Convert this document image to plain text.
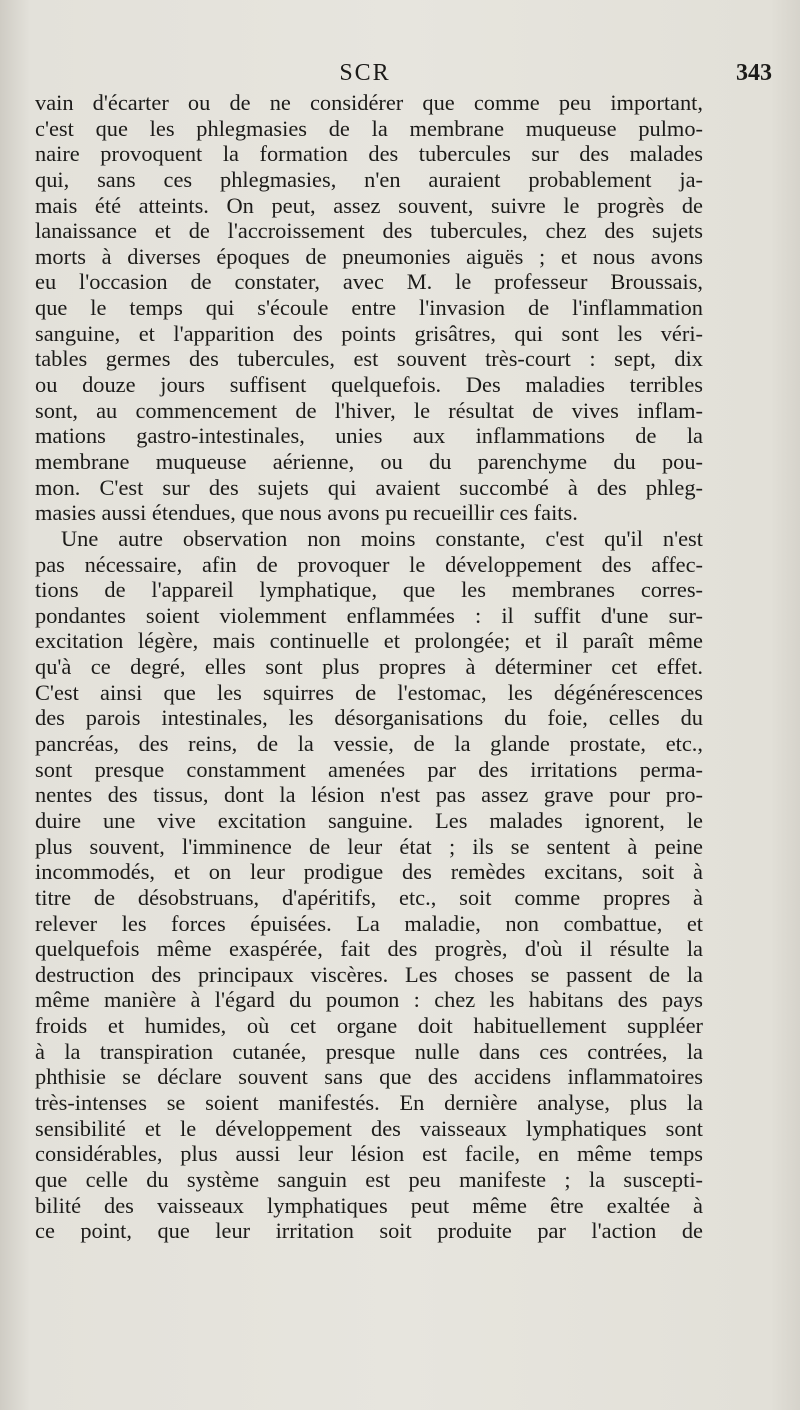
SCR	343
vain d'écarter ou de ne considérer que comme peu important,
c'est que les phlegmasies de la membrane muqueuse pulmo-
naire provoquent la formation des tubercules sur des malades
qui, sans ces phlegmasies, n'en auraient probablement ja-
mais été atteints. On peut, assez souvent, suivre le progrès de
lanaissance et de l'accroissement des tubercules, chez des sujets
morts à diverses époques de pneumonies aiguës ; et nous avons
eu l'occasion de constater, avec M. le professeur Broussais,
que le temps qui s'écoule entre l'invasion de l'inflammation
sanguine, et l'apparition des points grisâtres, qui sont les véri-
tables germes des tubercules, est souvent très-court : sept, dix
ou douze jours suffisent quelquefois. Des maladies terribles
sont, au commencement de l'hiver, le résultat de vives inflam-
mations gastro-intestinales, unies aux inflammations de la
membrane muqueuse aérienne, ou du parenchyme du pou-
mon. C'est sur des sujets qui avaient succombé à des phleg-
masies aussi étendues, que nous avons pu recueillir ces faits.
Une autre observation non moins constante, c'est qu'il n'est
pas nécessaire, afin de provoquer le développement des affec-
tions de l'appareil lymphatique, que les membranes corres-
pondantes soient violemment enflammées : il suffit d'une sur-
excitation légère, mais continuelle et prolongée; et il paraît même
qu'à ce degré, elles sont plus propres à déterminer cet effet.
C'est ainsi que les squirres de l'estomac, les dégénérescences
des parois intestinales, les désorganisations du foie, celles du
pancréas, des reins, de la vessie, de la glande prostate, etc.,
sont presque constamment amenées par des irritations perma-
nentes des tissus, dont la lésion n'est pas assez grave pour pro-
duire une vive excitation sanguine. Les malades ignorent, le
plus souvent, l'imminence de leur état ; ils se sentent à peine
incommodés, et on leur prodigue des remèdes excitans, soit à
titre de désobstruans, d'apéritifs, etc., soit comme propres à
relever les forces épuisées. La maladie, non combattue, et
quelquefois même exaspérée, fait des progrès, d'où il résulte la
destruction des principaux viscères. Les choses se passent de la
même manière à l'égard du poumon : chez les habitans des pays
froids et humides, où cet organe doit habituellement suppléer
à la transpiration cutanée, presque nulle dans ces contrées, la
phthisie se déclare souvent sans que des accidens inflammatoires
très-intenses se soient manifestés. En dernière analyse, plus la
sensibilité et le développement des vaisseaux lymphatiques sont
considérables, plus aussi leur lésion est facile, en même temps
que celle du système sanguin est peu manifeste ; la suscepti-
bilité des vaisseaux lymphatiques peut même être exaltée à
ce point, que leur irritation soit produite par l'action de
